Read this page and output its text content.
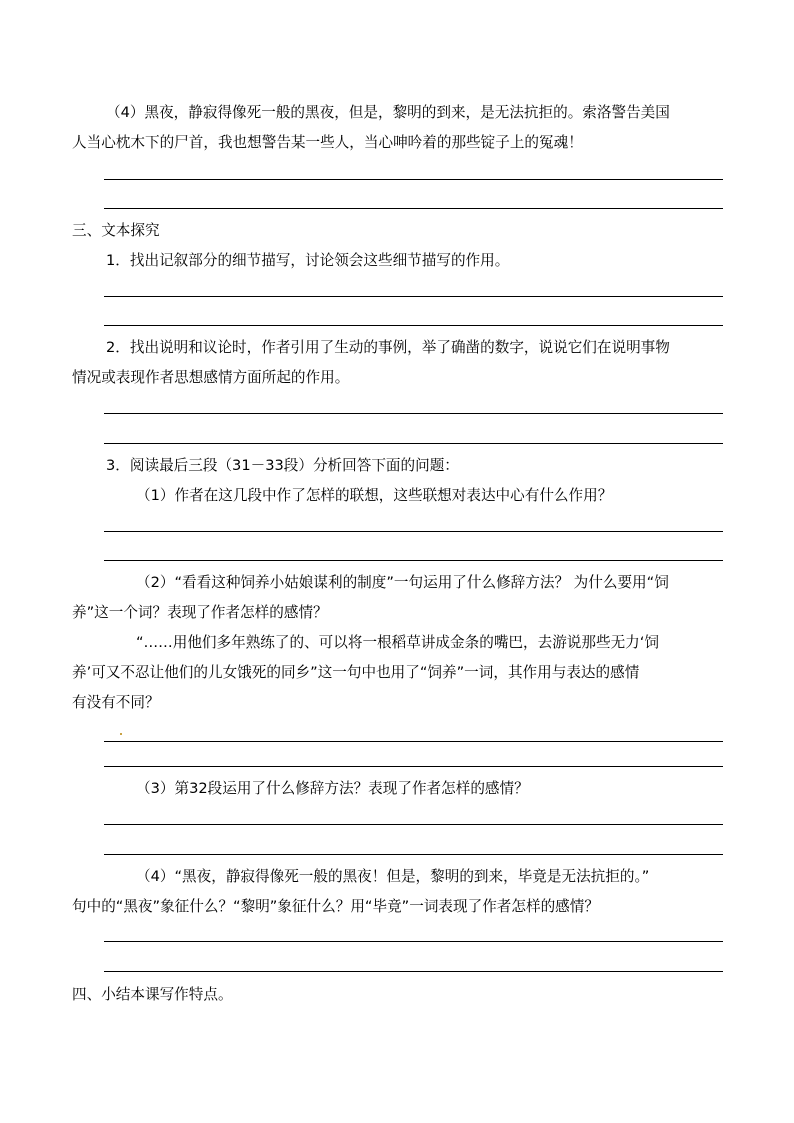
（4）黑夜，静寂得像死一般的黑夜，但是，黎明的到来，是无法抗拒的。索洛警告美国

人当心枕木下的尸首，我也想警告某一些人，当心呻吟着的那些锭子上的冤魂！

三、文本探究

1．找出记叙部分的细节描写，讨论领会这些细节描写的作用。

2．找出说明和议论时，作者引用了生动的事例，举了确凿的数字，说说它们在说明事物

情况或表现作者思想感情方面所起的作用。

3．阅读最后三段（31－33段）分析回答下面的问题：

（1）作者在这几段中作了怎样的联想，这些联想对表达中心有什么作用？

（2）“看看这种饲养小姑娘谋利的制度”一句运用了什么修辞方法？ 为什么要用“饲

养”这一个词？表现了作者怎样的感情？

“……用他们多年熟练了的、可以将一根稻草讲成金条的嘴巴，去游说那些无力‘饲

养’可又不忍让他们的儿女饿死的同乡”这一句中也用了“饲养”一词，其作用与表达的感情

有没有不同？

（3）第32段运用了什么修辞方法？表现了作者怎样的感情？

（4）“黑夜，静寂得像死一般的黑夜！但是，黎明的到来，毕竟是无法抗拒的。”

句中的“黑夜”象征什么？“黎明”象征什么？用“毕竟”一词表现了作者怎样的感情？

四、小结本课写作特点。
